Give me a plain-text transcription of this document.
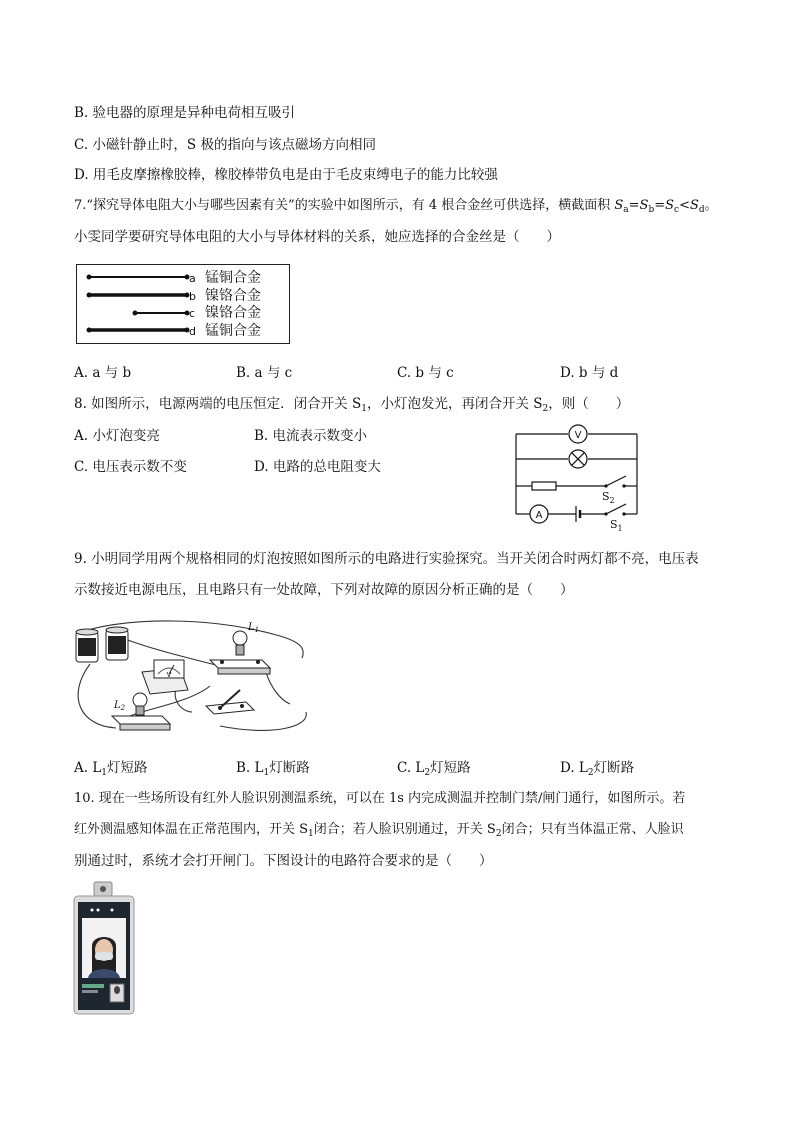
B. 验电器的原理是异种电荷相互吸引
C. 小磁针静止时，S 极的指向与该点磁场方向相同
D. 用毛皮摩擦橡胶棒，橡胶棒带负电是由于毛皮束缚电子的能力比较强
7.“探究导体电阻大小与哪些因素有关”的实验中如图所示，有 4 根合金丝可供选择，横截面积 $S_a=S_b=S_c<S_d$。
小雯同学要研究导体电阻的大小与导体材料的关系，她应选择的合金丝是（　　）
a 锰铜合金
b 镍铬合金
c 镍铬合金
d 锰铜合金
A. a 与 b	B. a 与 c	C. b 与 c	D. b 与 d
8. 如图所示，电源两端的电压恒定．闭合开关 $S_1$，小灯泡发光，再闭合开关 $S_2$，则（　　）
A. 小灯泡变亮	B. 电流表示数变小
C. 电压表示数不变	D. 电路的总电阻变大
V
$S_2$
A
$S_1$
9. 小明同学用两个规格相同的灯泡按照如图所示的电路进行实验探究。当开关闭合时两灯都不亮，电压表
示数接近电源电压，且电路只有一处故障，下列对故障的原因分析正确的是（　　）
$L_1$
V
$L_2$
A. $L_1$灯短路	B. $L_1$灯断路	C. $L_2$灯短路	D. $L_2$灯断路
10. 现在一些场所设有红外人脸识别测温系统，可以在 1s 内完成测温并控制门禁/闸门通行，如图所示。若
红外测温感知体温在正常范围内，开关 $S_1$闭合；若人脸识别通过，开关 $S_2$闭合；只有当体温正常、人脸识
别通过时，系统才会打开闸门。下图设计的电路符合要求的是（　　）
